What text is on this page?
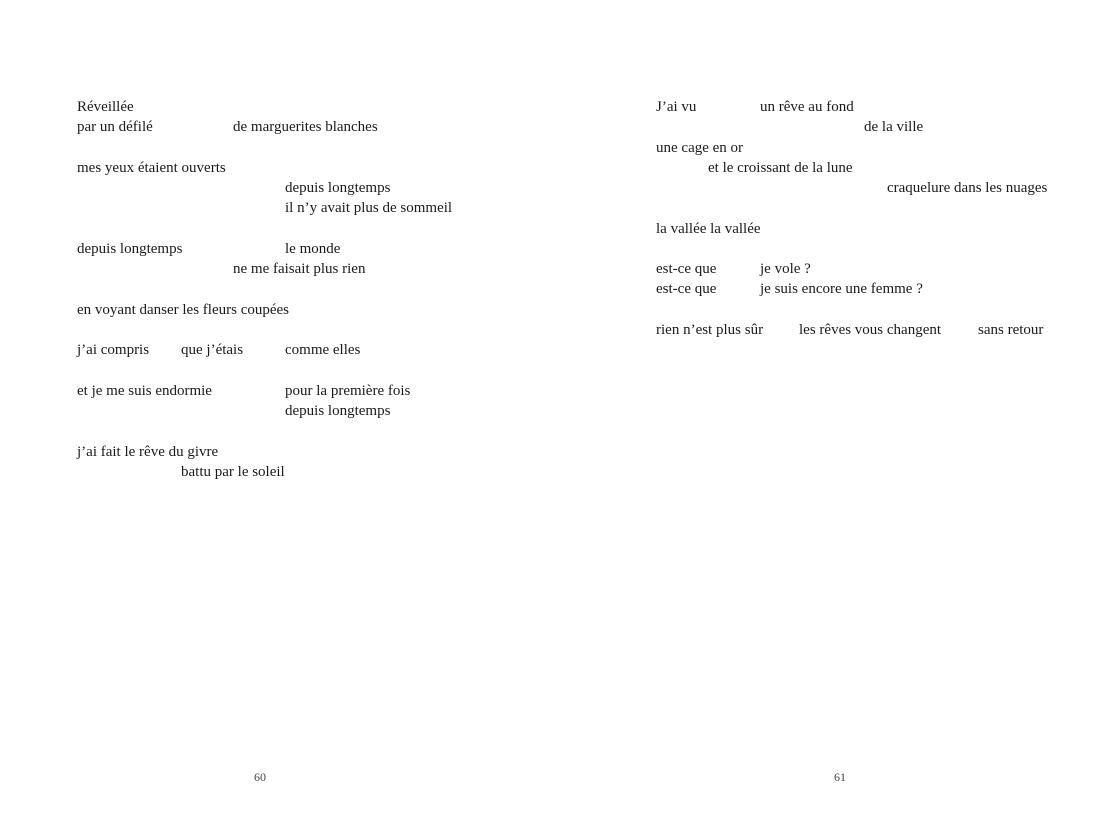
Réveillée
par un défilé	de marguerites blanches
mes yeux étaient ouverts
depuis longtemps
il n’y avait plus de sommeil
depuis longtemps	le monde
ne me faisait plus rien
en voyant danser les fleurs coupées
j’ai compris que j’étais	comme elles
et je me suis endormie	pour la première fois
depuis longtemps
j’ai fait le rêve du givre
battu par le soleil
60
J’ai vu	un rêve au fond
de la ville
une cage en or
et le croissant de la lune
craquelure dans les nuages
la vallée la vallée
est-ce que	je vole ?
est-ce que	je suis encore une femme ?
rien n’est plus sûr les rêves vous changent sans retour
61
